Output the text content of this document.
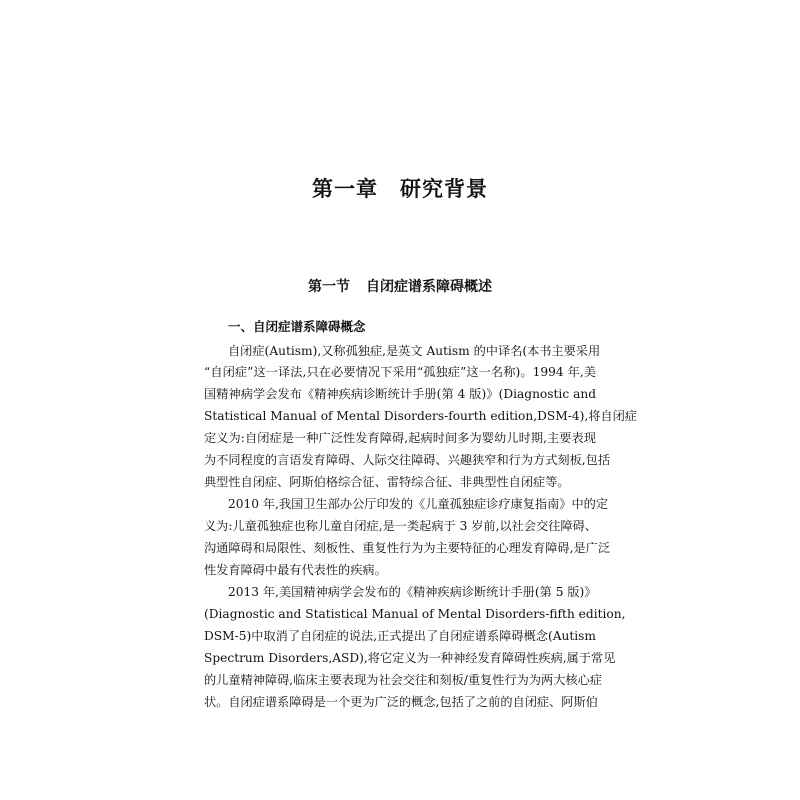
第一章 研究背景
第一节 自闭症谱系障碍概述
一、自闭症谱系障碍概念
自闭症(Autism),又称孤独症,是英文 Autism 的中译名(本书主要采用
“自闭症”这一译法,只在必要情况下采用“孤独症”这一名称)。1994 年,美
国精神病学会发布《精神疾病诊断统计手册(第 4 版)》(Diagnostic and
Statistical Manual of Mental Disorders-fourth edition,DSM-4),将自闭症
定义为:自闭症是一种广泛性发育障碍,起病时间多为婴幼儿时期,主要表现
为不同程度的言语发育障碍、人际交往障碍、兴趣狭窄和行为方式刻板,包括
典型性自闭症、阿斯伯格综合征、雷特综合征、非典型性自闭症等。
2010 年,我国卫生部办公厅印发的《儿童孤独症诊疗康复指南》中的定
义为:儿童孤独症也称儿童自闭症,是一类起病于 3 岁前,以社会交往障碍、
沟通障碍和局限性、刻板性、重复性行为为主要特征的心理发育障碍,是广泛
性发育障碍中最有代表性的疾病。
2013 年,美国精神病学会发布的《精神疾病诊断统计手册(第 5 版)》
(Diagnostic and Statistical Manual of Mental Disorders-fifth edition,
DSM-5)中取消了自闭症的说法,正式提出了自闭症谱系障碍概念(Autism
Spectrum Disorders,ASD),将它定义为一种神经发育障碍性疾病,属于常见
的儿童精神障碍,临床主要表现为社会交往和刻板/重复性行为为两大核心症
状。自闭症谱系障碍是一个更为广泛的概念,包括了之前的自闭症、阿斯伯
